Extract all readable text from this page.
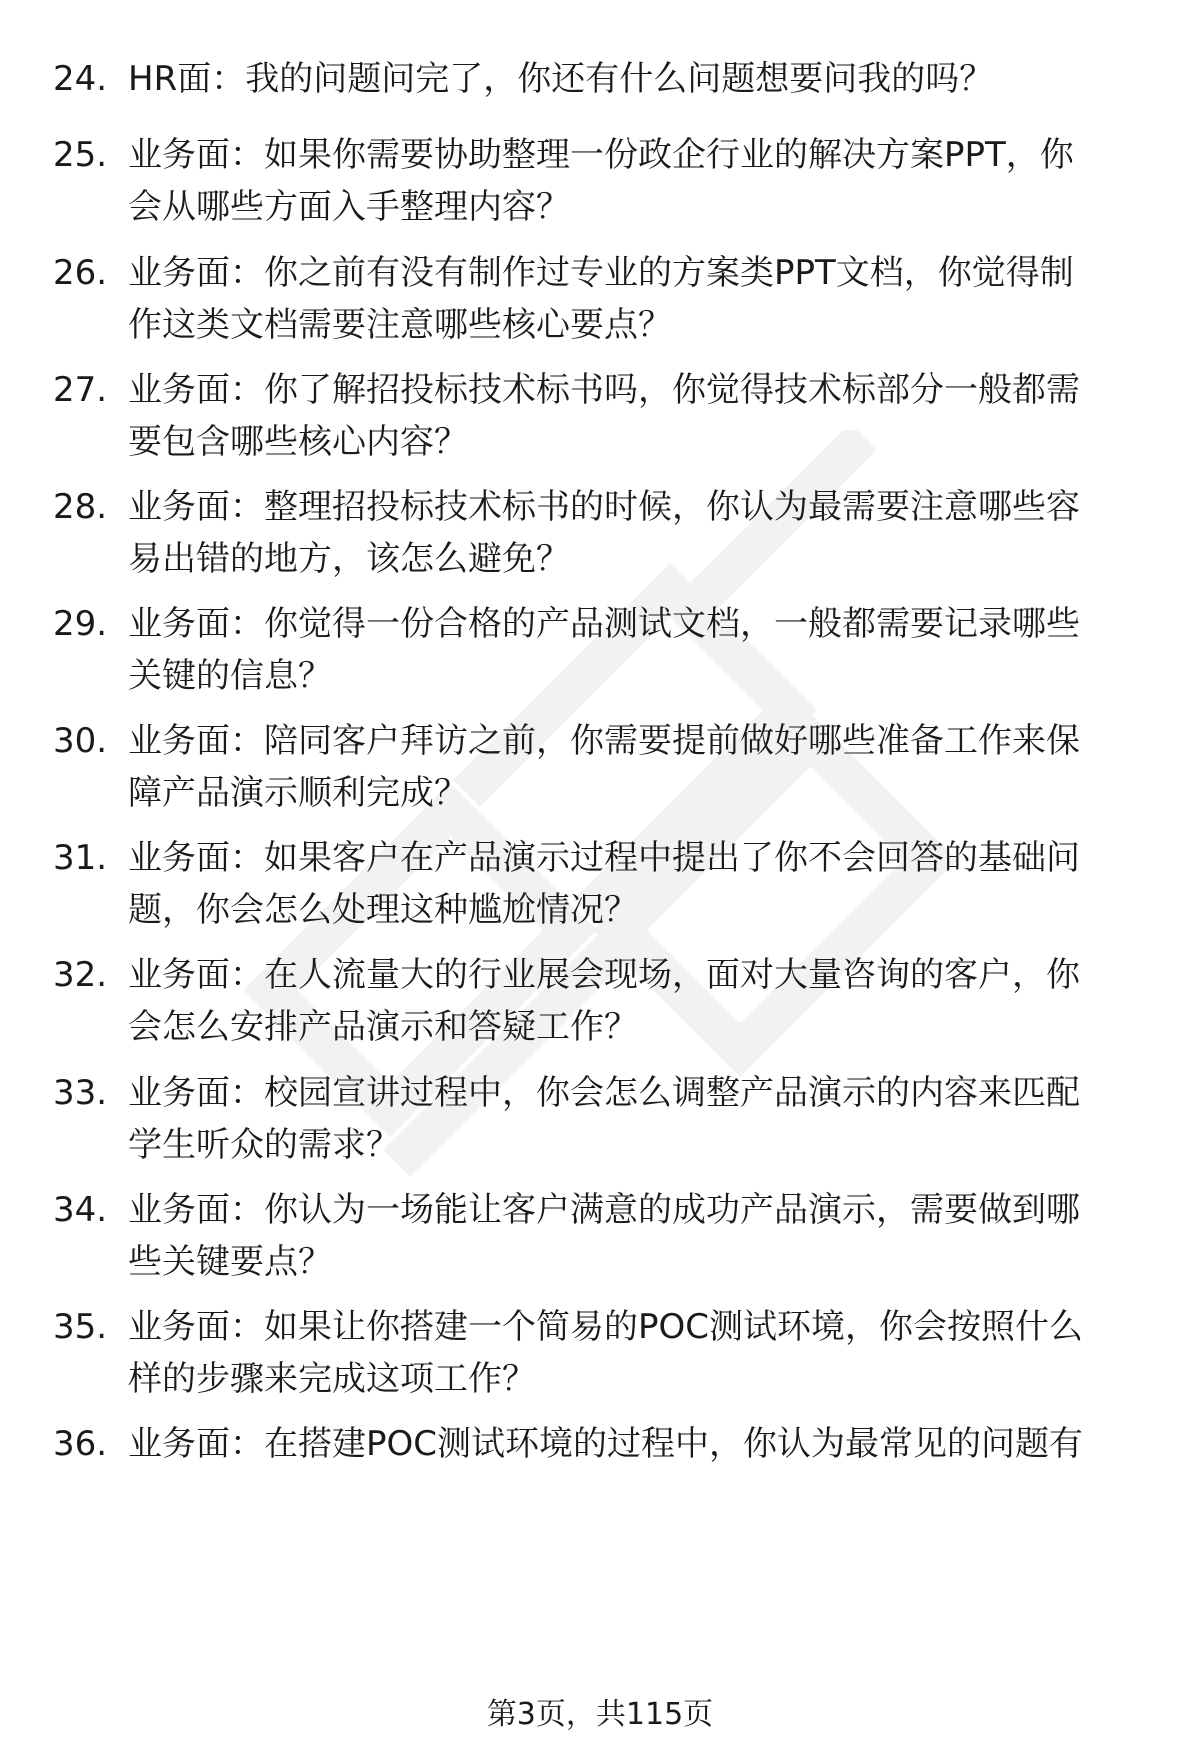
24. HR面：我的问题问完了，你还有什么问题想要问我的吗？
25. 业务面：如果你需要协助整理一份政企行业的解决方案PPT，你
会从哪些方面入手整理内容？
26. 业务面：你之前有没有制作过专业的方案类PPT文档，你觉得制
作这类文档需要注意哪些核心要点？
27. 业务面：你了解招投标技术标书吗，你觉得技术标部分一般都需
要包含哪些核心内容？
28. 业务面：整理招投标技术标书的时候，你认为最需要注意哪些容
易出错的地方，该怎么避免？
29. 业务面：你觉得一份合格的产品测试文档，一般都需要记录哪些
关键的信息？
30. 业务面：陪同客户拜访之前，你需要提前做好哪些准备工作来保
障产品演示顺利完成？
31. 业务面：如果客户在产品演示过程中提出了你不会回答的基础问
题，你会怎么处理这种尴尬情况？
32. 业务面：在人流量大的行业展会现场，面对大量咨询的客户，你
会怎么安排产品演示和答疑工作？
33. 业务面：校园宣讲过程中，你会怎么调整产品演示的内容来匹配
学生听众的需求？
34. 业务面：你认为一场能让客户满意的成功产品演示，需要做到哪
些关键要点？
35. 业务面：如果让你搭建一个简易的POC测试环境，你会按照什么
样的步骤来完成这项工作？
36. 业务面：在搭建POC测试环境的过程中，你认为最常见的问题有
第3页，共115页
